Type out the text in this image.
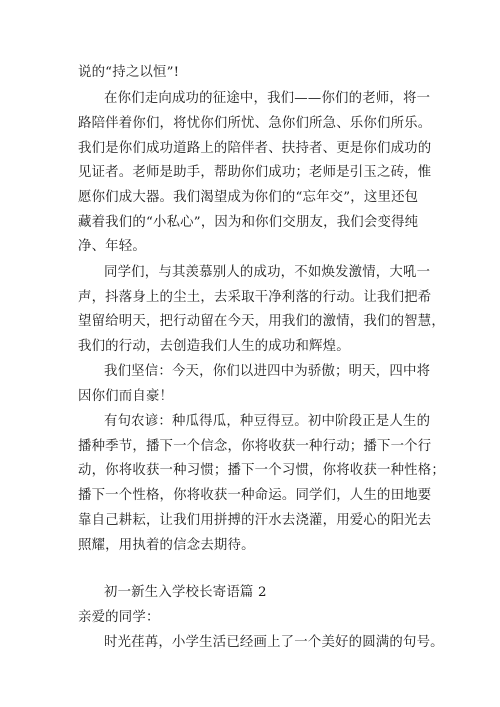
说的“持之以恒”!
在你们走向成功的征途中，我们——你们的老师，将一
路陪伴着你们，将忧你们所忧、急你们所急、乐你们所乐。
我们是你们成功道路上的陪伴者、扶持者、更是你们成功的
见证者。老师是助手，帮助你们成功；老师是引玉之砖，惟
愿你们成大器。我们渴望成为你们的“忘年交”，这里还包
藏着我们的“小私心”，因为和你们交朋友，我们会变得纯
净、年轻。
同学们，与其羡慕别人的成功，不如焕发激情，大吼一
声，抖落身上的尘土，去采取干净利落的行动。让我们把希
望留给明天，把行动留在今天，用我们的激情，我们的智慧，
我们的行动，去创造我们人生的成功和辉煌。
我们坚信：今天，你们以进四中为骄傲；明天，四中将
因你们而自豪！
有句农谚：种瓜得瓜，种豆得豆。初中阶段正是人生的
播种季节，播下一个信念，你将收获一种行动；播下一个行
动，你将收获一种习惯；播下一个习惯，你将收获一种性格；
播下一个性格，你将收获一种命运。同学们，人生的田地要
靠自己耕耘，让我们用拼搏的汗水去浇灌，用爱心的阳光去
照耀，用执着的信念去期待。
初一新生入学校长寄语篇 2
亲爱的同学：
时光荏苒，小学生活已经画上了一个美好的圆满的句号。
